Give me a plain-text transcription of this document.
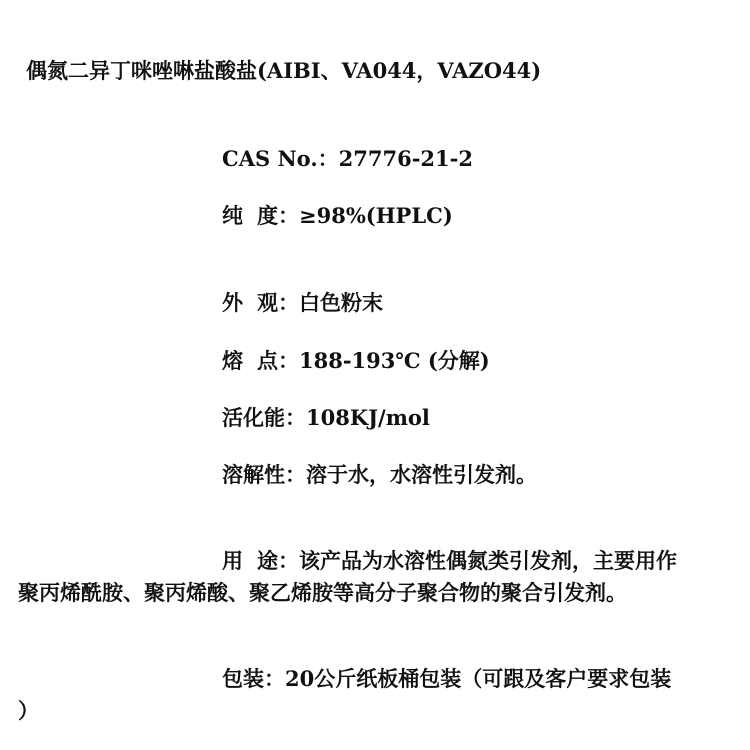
偶氮二异丁咪唑啉盐酸盐(AIBI、VA044，VAZO44)
CAS No.：27776-21-2
纯 度：≥98%(HPLC)
外 观：白色粉末
熔 点：188-193℃ (分解)
活化能：108KJ/mol
溶解性：溶于水，水溶性引发剂。
用 途：该产品为水溶性偶氮类引发剂，主要用作
聚丙烯酰胺、聚丙烯酸、聚乙烯胺等高分子聚合物的聚合引发剂。
包装：20公斤纸板桶包装（可跟及客户要求包装
）
